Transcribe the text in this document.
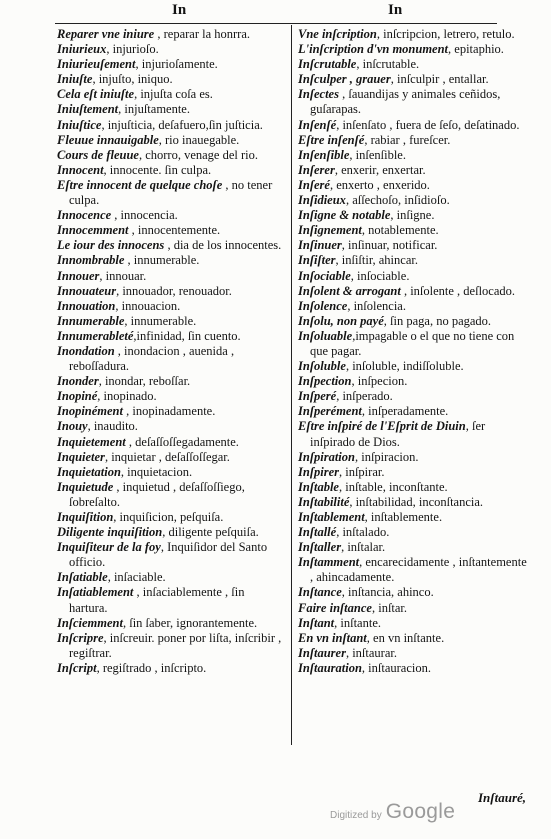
In	In

Reparer vne iniure , reparar la honrra.

Iniurieux, injurioſo.

Iniurieuſement, injurioſamente.

Iniuſte, injuſto, iniquo.

Cela eſt iniuſte, injuſta coſa es.

Iniuſtement, injuſtamente.

Iniuſtice, injuſticia, deſafuero,ſin juſticia.

Fleuue innauigable, rio inauegable.

Cours de fleuue, chorro, venage del rio.

Innocent, innocente. ſin culpa.

Eſtre innocent de quelque choſe , no tener culpa.

Innocence , innocencia.

Innocemment , innocentemente.

Le iour des innocens , dia de los innocentes.

Innombrable , innumerable.

Innouer, innouar.

Innouateur, innouador, renouador.

Innouation, innouacion.

Innumerable, innumerable.

Innumerableté,infinidad, ſin cuento.

Inondation , inondacion , auenida , reboſſadura.

Inonder, inondar, reboſſar.

Inopiné, inopinado.

Inopinément , inopinadamente.

Inouy, inaudito.

Inquietement , deſaſſoſſegadamente.

Inquieter, inquietar , deſaſſoſſegar.

Inquietation, inquietacion.

Inquietude , inquietud , deſaſſoſſiego, ſobreſalto.

Inquiſition, inquiſicion, peſquiſa.

Diligente inquiſition, diligente peſquiſa.

Inquiſiteur de la foy, Inquiſidor del Santo officio.

Inſatiable, inſaciable.

Inſatiablement , inſaciablemente , ſin hartura.

Inſciemment, ſin ſaber, ignorantemente.

Inſcripre, inſcreuir. poner por liſta, inſcribir , regiſtrar.

Inſcript, regiſtrado , inſcripto.

Vne inſcription, inſcripcion, letrero, retulo.

L'inſcription d'vn monument, epitaphio.

Inſcrutable, inſcrutable.

Inſculper , grauer, inſculpir , entallar.

Inſectes , ſauandijas y animales ceñidos, guſarapas.

Inſenſé, inſenſato , fuera de ſeſo, deſatinado.

Eſtre inſenſé, rabiar , fureſcer.

Inſenſible, inſenſible.

Inſerer, enxerir, enxertar.

Inſeré, enxerto , enxerido.

Inſidieux, aſſechoſo, inſidioſo.

Inſigne & notable, inſigne.

Inſignement, notablemente.

Inſinuer, inſinuar, notificar.

Inſiſter, inſiſtir, ahincar.

Inſociable, inſociable.

Inſolent & arrogant , inſolente , deſlocado.

Inſolence, inſolencia.

Inſolu, non payé, ſin paga, no pagado.

Inſoluable,impagable o el que no tiene con que pagar.

Inſoluble, inſoluble, indiſſoluble.

Inſpection, inſpecion.

Inſperé, inſperado.

Inſperément, inſperadamente.

Eſtre inſpiré de l'Eſprit de Diuin, ſer inſpirado de Dios.

Inſpiration, inſpiracion.

Inſpirer, inſpirar.

Inſtable, inſtable, inconſtante.

Inſtabilité, inſtabilidad, inconſtancia.

Inſtablement, inſtablemente.

Inſtallé, inſtalado.

Inſtaller, inſtalar.

Inſtamment, encarecidamente , inſtantemente , ahincadamente.

Inſtance, inſtancia, ahinco.

Faire inſtance, inſtar.

Inſtant, inſtante.

En vn inſtant, en vn inſtante.

Inſtaurer, inſtaurar.

Inſtauration, inſtauracion.

Inſtauré,
Digitized by Google
